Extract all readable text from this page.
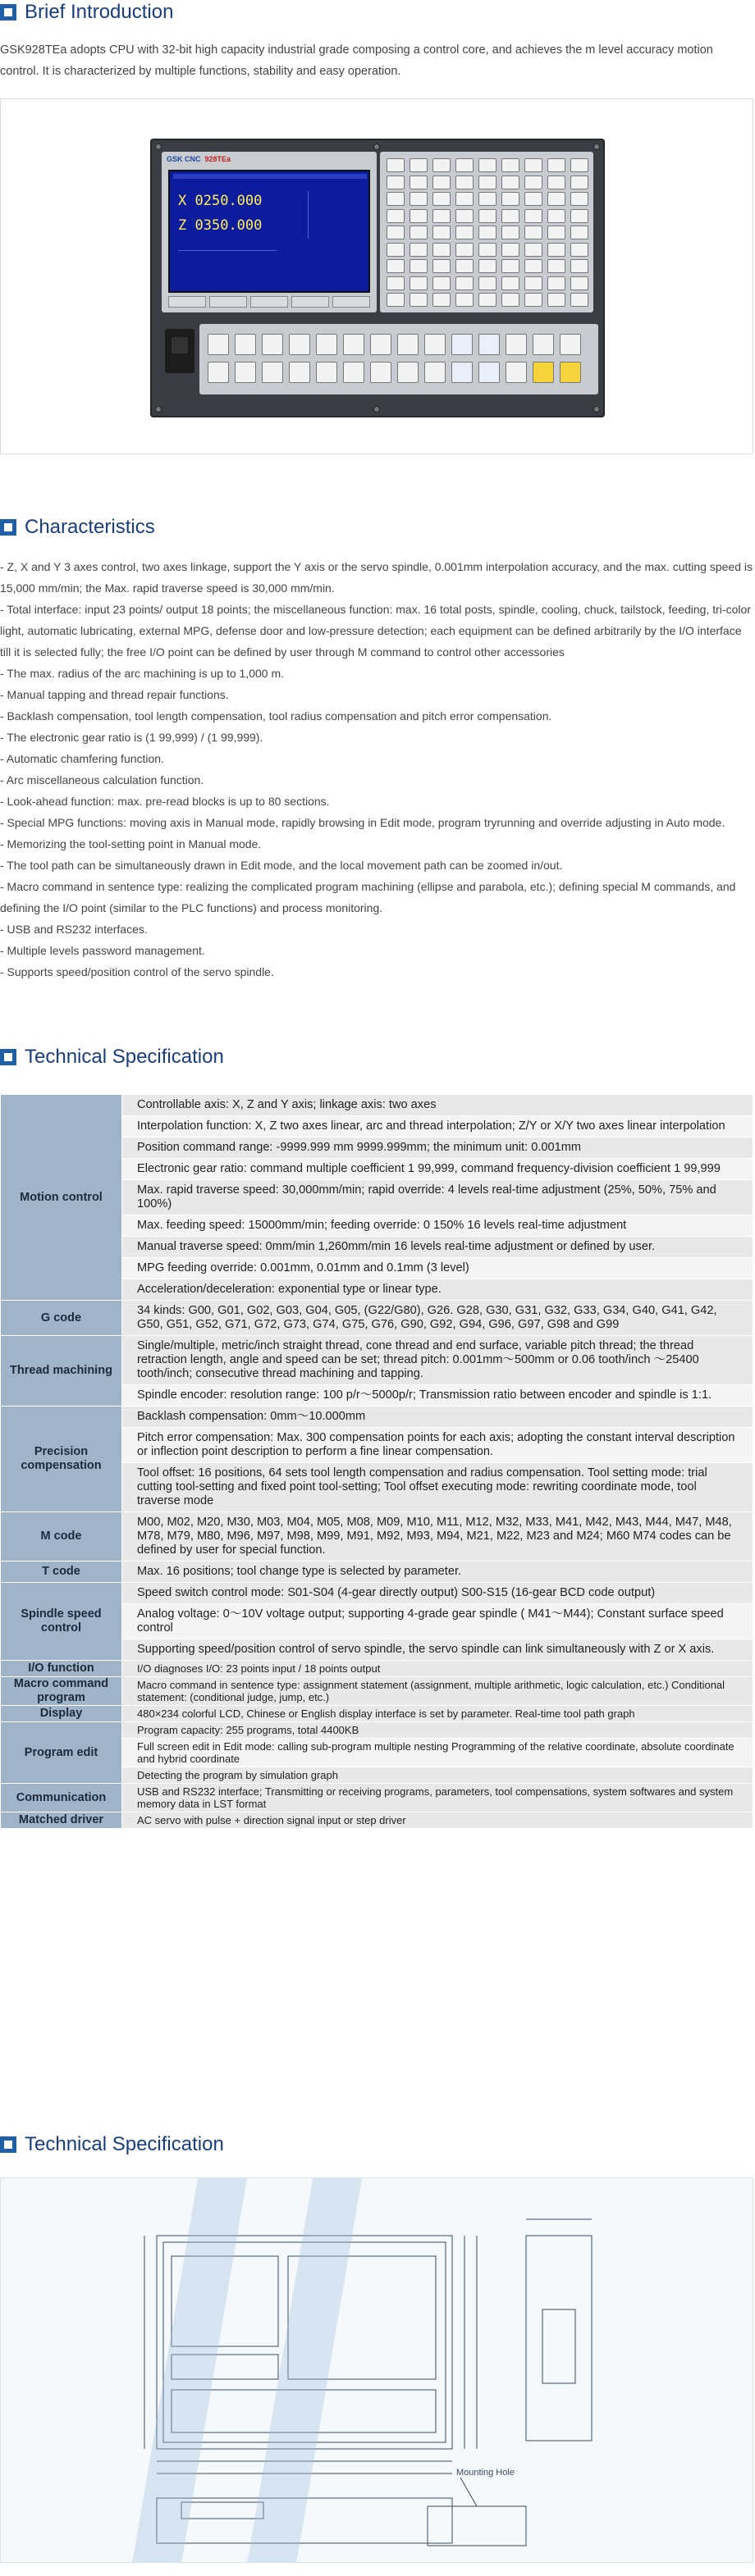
Brief Introduction

GSK928TEa adopts CPU with 32-bit high capacity industrial grade composing a control core, and achieves the m level accuracy motion control. It is characterized by multiple functions, stability and easy operation.

GSK CNC 928TEa
X 0250.000
Z 0350.000
Characteristics
- Z, X and Y 3 axes control, two axes linkage, support the Y axis or the servo spindle, 0.001mm interpolation accuracy, and the max. cutting speed is 15,000 mm/min; the Max. rapid traverse speed is 30,000 mm/min.
- Total interface: input 23 points/ output 18 points; the miscellaneous function: max. 16 total posts, spindle, cooling, chuck, tailstock, feeding, tri-color light, automatic lubricating, external MPG, defense door and low-pressure detection; each equipment can be defined arbitrarily by the I/O interface till it is selected fully; the free I/O point can be defined by user through M command to control other accessories
- The max. radius of the arc machining is up to 1,000 m.
- Manual tapping and thread repair functions.
- Backlash compensation, tool length compensation, tool radius compensation and pitch error compensation.
- The electronic gear ratio is (1 99,999) / (1 99,999).
- Automatic chamfering function.
- Arc miscellaneous calculation function.
- Look-ahead function: max. pre-read blocks is up to 80 sections.
- Special MPG functions: moving axis in Manual mode, rapidly browsing in Edit mode, program tryrunning and override adjusting in Auto mode.
- Memorizing the tool-setting point in Manual mode.
- The tool path can be simultaneously drawn in Edit mode, and the local movement path can be zoomed in/out.
- Macro command in sentence type: realizing the complicated program machining (ellipse and parabola, etc.); defining special M commands, and defining the I/O point (similar to the PLC functions) and process monitoring.
- USB and RS232 interfaces.
- Multiple levels password management.
- Supports speed/position control of the servo spindle.
Technical Specification
Motion control	Controllable axis: X, Z and Y axis; linkage axis: two axes
	Interpolation function: X, Z two axes linear, arc and thread interpolation; Z/Y or X/Y two axes linear interpolation
	Position command range: -9999.999 mm 9999.999mm; the minimum unit: 0.001mm
	Electronic gear ratio: command multiple coefficient 1 99,999, command frequency-division coefficient 1 99,999
	Max. rapid traverse speed: 30,000mm/min; rapid override: 4 levels real-time adjustment (25%, 50%, 75% and 100%)
	Max. feeding speed: 15000mm/min; feeding override: 0 150% 16 levels real-time adjustment
	Manual traverse speed: 0mm/min 1,260mm/min 16 levels real-time adjustment or defined by user.
	MPG feeding override: 0.001mm, 0.01mm and 0.1mm (3 level)
	Acceleration/deceleration: exponential type or linear type.
G code	34 kinds: G00, G01, G02, G03, G04, G05, (G22/G80), G26. G28, G30, G31, G32, G33, G34, G40, G41, G42, G50, G51, G52, G71, G72, G73, G74, G75, G76, G90, G92, G94, G96, G97, G98 and G99
Thread machining	Single/multiple, metric/inch straight thread, cone thread and end surface, variable pitch thread; the thread retraction length, angle and speed can be set; thread pitch: 0.001mm～500mm or 0.06 tooth/inch ～25400 tooth/inch; consecutive thread machining and tapping.
	Spindle encoder: resolution range: 100 p/r～5000p/r; Transmission ratio between encoder and spindle is 1:1.
Precision compensation	Backlash compensation: 0mm～10.000mm
	Pitch error compensation: Max. 300 compensation points for each axis; adopting the constant interval description or inflection point description to perform a fine linear compensation.
	Tool offset: 16 positions, 64 sets tool length compensation and radius compensation. Tool setting mode: trial cutting tool-setting and fixed point tool-setting; Tool offset executing mode: rewriting coordinate mode, tool traverse mode
M code	M00, M02, M20, M30, M03, M04, M05, M08, M09, M10, M11, M12, M32, M33, M41, M42, M43, M44, M47, M48, M78, M79, M80, M96, M97, M98, M99, M91, M92, M93, M94, M21, M22, M23 and M24; M60 M74 codes can be defined by user for special function.
T code	Max. 16 positions; tool change type is selected by parameter.
Spindle speed control	Speed switch control mode: S01-S04 (4-gear directly output) S00-S15 (16-gear BCD code output)
	Analog voltage: 0～10V voltage output; supporting 4-grade gear spindle ( M41～M44); Constant surface speed control
	Supporting speed/position control of servo spindle, the servo spindle can link simultaneously with Z or X axis.
I/O function	I/O diagnoses I/O: 23 points input / 18 points output
Macro command program	Macro command in sentence type: assignment statement (assignment, multiple arithmetic, logic calculation, etc.) Conditional statement: (conditional judge, jump, etc.)
Display	480×234 colorful LCD, Chinese or English display interface is set by parameter. Real-time tool path graph
Program edit	Program capacity: 255 programs, total 4400KB
	Full screen edit in Edit mode: calling sub-program multiple nesting Programming of the relative coordinate, absolute coordinate and hybrid coordinate
	Detecting the program by simulation graph
Communication	USB and RS232 interface; Transmitting or receiving programs, parameters, tool compensations, system softwares and system memory data in LST format
Matched driver	AC servo with pulse + direction signal input or step driver
Technical Specification
Mounting Hole
